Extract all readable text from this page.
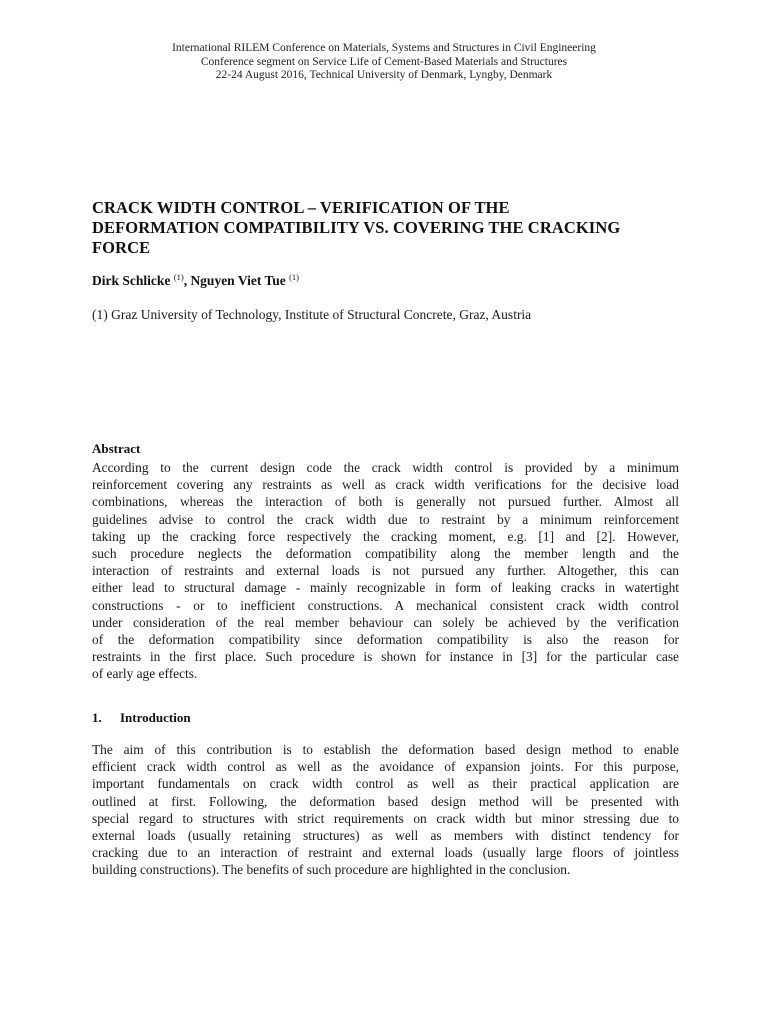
International RILEM Conference on Materials, Systems and Structures in Civil Engineering
Conference segment on Service Life of Cement-Based Materials and Structures
22-24 August 2016, Technical University of Denmark, Lyngby, Denmark
CRACK WIDTH CONTROL – VERIFICATION OF THE
DEFORMATION COMPATIBILITY VS. COVERING THE CRACKING
FORCE
Dirk Schlicke $^{(1)}$, Nguyen Viet Tue $^{(1)}$
(1) Graz University of Technology, Institute of Structural Concrete, Graz, Austria
Abstract
According to the current design code the crack width control is provided by a minimum
reinforcement covering any restraints as well as crack width verifications for the decisive load
combinations, whereas the interaction of both is generally not pursued further. Almost all
guidelines advise to control the crack width due to restraint by a minimum reinforcement
taking up the cracking force respectively the cracking moment, e.g. [1] and [2]. However,
such procedure neglects the deformation compatibility along the member length and the
interaction of restraints and external loads is not pursued any further. Altogether, this can
either lead to structural damage - mainly recognizable in form of leaking cracks in watertight
constructions - or to inefficient constructions. A mechanical consistent crack width control
under consideration of the real member behaviour can solely be achieved by the verification
of the deformation compatibility since deformation compatibility is also the reason for
restraints in the first place. Such procedure is shown for instance in [3] for the particular case
of early age effects.
1. Introduction
The aim of this contribution is to establish the deformation based design method to enable
efficient crack width control as well as the avoidance of expansion joints. For this purpose,
important fundamentals on crack width control as well as their practical application are
outlined at first. Following, the deformation based design method will be presented with
special regard to structures with strict requirements on crack width but minor stressing due to
external loads (usually retaining structures) as well as members with distinct tendency for
cracking due to an interaction of restraint and external loads (usually large floors of jointless
building constructions). The benefits of such procedure are highlighted in the conclusion.
